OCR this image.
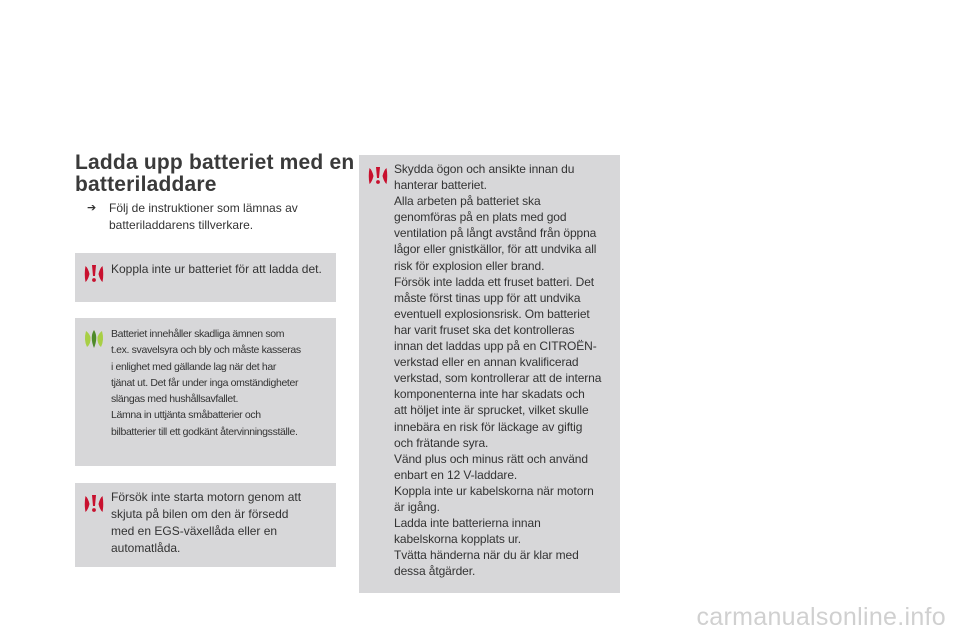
Ladda upp batteriet med en
batteriladdare
➔ Följ de instruktioner som lämnas av
batteriladdarens tillverkare.
Koppla inte ur batteriet för att ladda det.
Batteriet innehåller skadliga ämnen som
t.ex. svavelsyra och bly och måste kasseras
i enlighet med gällande lag när det har
tjänat ut. Det får under inga omständigheter
slängas med hushållsavfallet.
Lämna in uttjänta småbatterier och
bilbatterier till ett godkänt återvinningsställe.
Försök inte starta motorn genom att
skjuta på bilen om den är försedd
med en EGS-växellåda eller en
automatlåda.
Skydda ögon och ansikte innan du
hanterar batteriet.
Alla arbeten på batteriet ska
genomföras på en plats med god
ventilation på långt avstånd från öppna
lågor eller gnistkällor, för att undvika all
risk för explosion eller brand.
Försök inte ladda ett fruset batteri. Det
måste först tinas upp för att undvika
eventuell explosionsrisk. Om batteriet
har varit fruset ska det kontrolleras
innan det laddas upp på en CITROËN-
verkstad eller en annan kvalificerad
verkstad, som kontrollerar att de interna
komponenterna inte har skadats och
att höljet inte är sprucket, vilket skulle
innebära en risk för läckage av giftig
och frätande syra.
Vänd plus och minus rätt och använd
enbart en 12 V-laddare.
Koppla inte ur kabelskorna när motorn
är igång.
Ladda inte batterierna innan
kabelskorna kopplats ur.
Tvätta händerna när du är klar med
dessa åtgärder.
carmanualsonline.info
